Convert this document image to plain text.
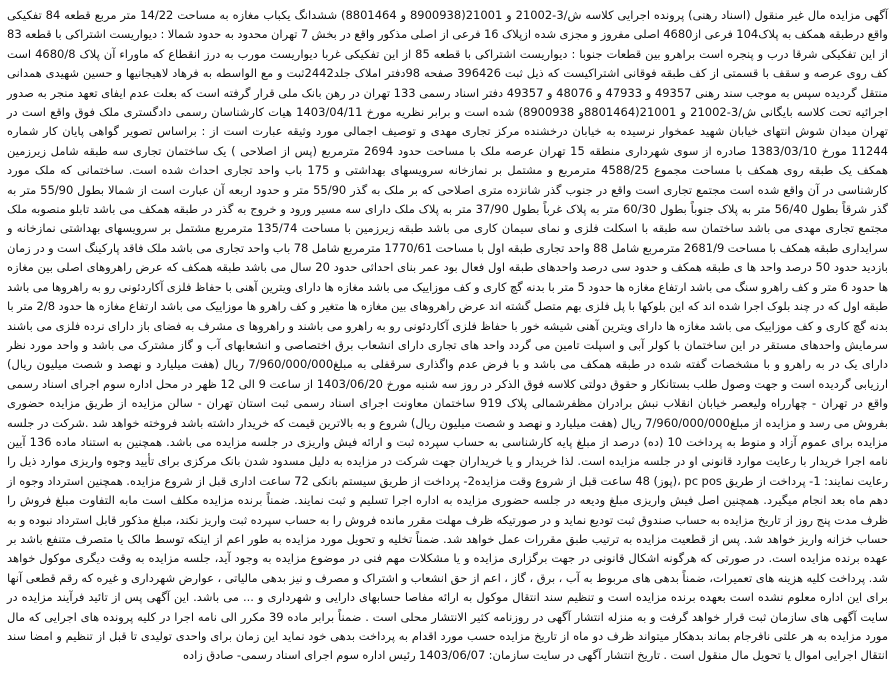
آگهی مزایده مال غیر منقول (اسناد رهنی) پرونده اجرایی کلاسه ش/3-21002 و 21001(8900938 و 8801464) ششدانگ یکباب مغازه به مساحت 14/22 متر مربع قطعه 84 تفکیکی واقع درطبقه همکف به پلاک104 فرعی از4680 اصلی مفروز و مجزی شده ازپلاک 16 فرعی از اصلی مذکور واقع در بخش 7 تهران محدود به حدود شمالا : دیواریست اشتراکی با قطعه 83 از این تفکیکی شرقا درب و پنجره است براهرو بین قطعات جنوبا : دیواریست اشتراکی با قطعه 85 از این تفکیکی غربا دیواریست مورب به درز انقطاع که ماوراء آن پلاک 4680/8 است کف روی عرصه و سقف با قسمتی از کف طبقه فوقانی اشتراکیست که ذیل ثبت 396426 صفحه 98دفتر املاک جلد2442ثبت و مع الواسطه به فرهاد لاهیجانیها و حسین شهیدی همدانی منتقل گردیده سپس به موجب سند رهنی 49357 و 47933 و 48076 و 49357 دفتر اسناد رسمی 133 تهران در رهن بانک ملی قرار گرفته است که بعلت عدم ایفای تعهد منجر به صدور اجرائیه تحت کلاسه بایگانی ش/3-21002 و 21001(8801464و 8900938) شده است و برابر نظریه مورخ 1403/04/11 هیات کارشناسان رسمی دادگستری ملک فوق واقع است در تهران میدان شوش انتهای خیابان شهید عمخوار نرسیده به خیابان درخشنده مرکز تجاری مهدی و توصیف اجمالی مورد وثیقه عبارت است از : براساس تصویر گواهی پایان کار شماره 11244 مورخ 1383/03/10 صادره از سوی شهرداری منطقه 15 تهران عرصه ملک با مساحت حدود 2694 مترمربع (پس از اصلاحی ) یک ساختمان تجاری سه طبقه شامل زیرزمین همکف یک طبقه روی همکف با مساحت مجموع 4588/25 مترمربع و مشتمل بر نمازخانه سرویسهای بهداشتی و 175 باب واحد تجاری احداث شده است. ساختمانی که ملک مورد کارشناسی در آن واقع شده است مجتمع تجاری است واقع در جنوب گذر شانزده متری اصلاحی که بر ملک به گذر 55/90 متر و حدود اربعه آن عبارت است از شمالا بطول 55/90 متر به گذر شرقاً بطول 56/40 متر به پلاک جنوباً بطول 60/30 متر به پلاک غرباً بطول 37/90 متر به پلاک ملک دارای سه مسیر ورود و خروج به گذر در طبقه همکف می باشد تابلو منصوبه ملک مجتمع تجاری مهدی می باشد ساختمان سه طبقه با اسکلت فلزی و نمای سیمان کاری می باشد طبقه زیرزمین با مساحت 135/74 مترمربع مشتمل بر سرویسهای بهداشتی نمازخانه و سرایداری طبقه همکف با مساحت 2681/9 مترمربع شامل 88 واحد تجاری طبقه اول با مساحت 1770/61 مترمربع شامل 78 باب واحد تجاری می باشد ملک فاقد پارکینگ است و در زمان بازدید حدود 50 درصد واحد ها ی طبقه همکف و حدود سی درصد واحدهای طبقه اول فعال بود عمر بنای احداثی حدود 20 سال می باشد طبقه همکف که عرض راهروهای اصلی بین مغازه ها حدود 6 متر و کف راهرو سنگ می باشد ارتفاع مغازه ها حدود 5 متر با بدنه گچ کاری و کف موزاییک می باشد مغازه ها دارای ویترین آهنی با حفاظ فلزی آکاردئونی رو به راهروها می باشد طبقه اول که در چند بلوک اجرا شده اند که این بلوکها با پل فلزی بهم متصل گشته اند عرض راهروهای بین مغازه ها متغیر و کف راهرو ها موزاییک می باشد ارتفاع مغازه ها حدود 2/8 متر با بدنه گچ کاری و کف موزاییک می باشد مغازه ها دارای ویترین آهنی شیشه خور با حفاظ فلزی آکاردئونی رو به راهرو می باشند و راهروها ی مشرف به فضای باز دارای نرده فلزی می باشند سرمایش واحدهای مستقر در این ساختمان با کولر آبی و اسپلت تامین می گردد واحد های تجاری دارای انشعاب برق اختصاصی و انشعابهای آب و گاز مشترک می باشد و واحد مورد نظر دارای یک در به راهرو و با مشخصات گفته شده در طبقه همکف می باشد و با فرض عدم واگذاری سرقفلی به مبلغ7/960/000/000 ریال (هفت میلیارد و نهصد و شصت میلیون ریال) ارزیابی گردیده است و جهت وصول طلب بستانکار و حقوق دولتی کلاسه فوق الذکر در روز سه شنبه مورخ 1403/06/20 از ساعت 9 الی 12 ظهر در محل اداره سوم اجرای اسناد رسمی واقع در تهران - چهارراه ولیعصر خیابان انقلاب نبش برادران مظفرشمالی پلاک 919 ساختمان معاونت اجرای اسناد رسمی ثبت استان تهران - سالن مزایده از طریق مزایده حضوری بفروش می رسد و مزایده از مبلغ7/960/000/000 ریال (هفت میلیارد و نهصد و شصت میلیون ریال) شروع و به بالاترین قیمت که خریدار داشته باشد فروخته خواهد شد .شرکت در جلسه مزایده برای عموم آزاد و منوط به پرداخت 10 (ده) درصد از مبلغ پایه کارشناسی به حساب سپرده ثبت و ارائه فیش واریزی در جلسه مزایده می باشد. همچنین به استناد ماده 136 آیین نامه اجرا خریدار با رعایت موارد قانونی او در جلسه مزایده است. لذا خریدار و یا خریداران جهت شرکت در مزایده به دلیل مسدود شدن بانک مرکزی برای تأیید وجوه واریزی موارد ذیل را رعایت نمایند: 1- پرداخت از طریق pc pos ،(پوز) 48 ساعت قبل از شروع وقت مزایده2- پرداخت از طریق سیستم بانکی 72 ساعت اداری قبل از شروع مزایده. همچنین استرداد وجوه از دهم ماه بعد انجام میگیرد. همچنین اصل فیش واریزی مبلغ ودیعه در جلسه حضوری مزایده به اداره اجرا تسلیم و ثبت نمایند. ضمناً برنده مزایده مکلف است مابه التفاوت مبلغ فروش را ظرف مدت پنج روز از تاریخ مزایده به حساب صندوق ثبت تودیع نماید و در صورتیکه ظرف مهلت مقرر مانده فروش را به حساب سپرده ثبت واریز نکند، مبلغ مذکور قابل استرداد نبوده و به حساب خزانه واریز خواهد شد. پس از قطعیت مزایده به ترتیب طبق مقررات عمل خواهد شد. ضمناً تخلیه و تحویل مورد مزایده به طور اعم از اینکه توسط مالک یا متصرف متنفع باشد بر عهده برنده مزایده است. در صورتی که هرگونه اشکال قانونی در جهت برگزاری مزایده و یا مشکلات مهم فنی در موضوع مزایده به وجود آید، جلسه مزایده به وقت دیگری موکول خواهد شد. پرداخت کلیه هزینه های تعمیرات، ضمناً بدهی های مربوط به آب ، برق ، گاز ، اعم از حق انشعاب و اشتراک و مصرف و نیز بدهی مالیاتی ، عوارض شهرداری و غیره که رقم قطعی آنها برای این اداره معلوم نشده است بعهده برنده مزایده است و تنظیم سند انتقال موکول به ارائه مفاصا حسابهای دارایی و شهرداری و ... می باشد. این آگهی پس از تائید فرآیند مزایده در سایت آگهی های سازمان ثبت قرار خواهد گرفت و به منزله انتشار آگهی در روزنامه کثیر الانتشار محلی است . ضمناً برابر ماده 39 مکرر الی نامه اجرا در کلیه پرونده های اجرایی که مال مورد مزایده به هر علتی نافرجام بماند بدهکار میتواند ظرف دو ماه از تاریخ مزایده حسب مورد اقدام به پرداخت بدهی خود نماید این زمان برای واحدی تولیدی تا قبل از تنظیم و امضا سند انتقال اجرایی اموال یا تحویل مال منقول است . تاریخ انتشار آگهی در سایت سازمان: 1403/06/07 رئیس اداره سوم اجرای اسناد رسمی- صادق زاده
